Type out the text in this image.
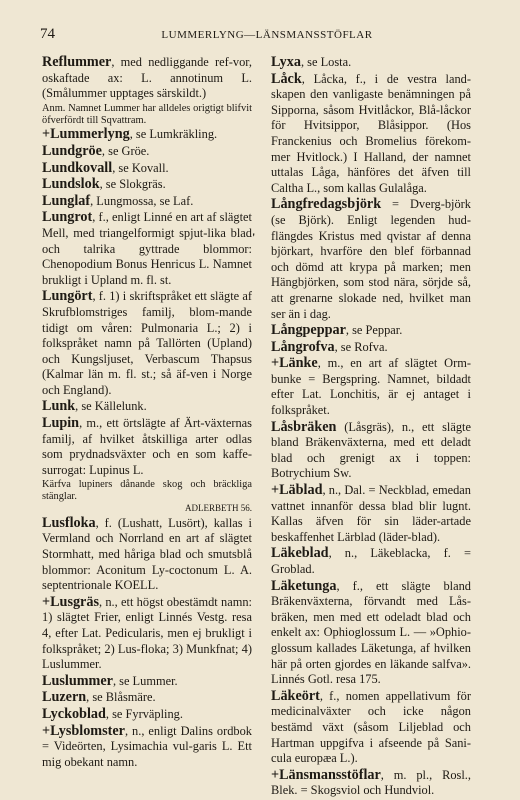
74	LUMMERLYNG—LÄNSMANSSTÖFLAR

Reflummer, med nedliggande ref-vor, oskaftade ax: L. annotinum L. (Smålummer upptages särskildt.)

Anm. Namnet Lummer har alldeles origtigt blifvit öfverfördt till Sqvattram.

+Lummerlyng, se Lumkräkling.

Lundgröe, se Gröe.

Lundkovall, se Kovall.

Lundslok, se Slokgräs.

Lunglaf, Lungmossa, se Laf.

Lungrot, f., enligt Linné en art af slägtet Mell, med triangelformigt spjut-lika blad och talrika gyttrade blommor: Chenopodium Bonus Henricus L. Namnet brukligt i Upland m. fl. st.

Lungört, f. 1) i skriftspråket ett slägte af Skrufblomstriges familj, blom-mande tidigt om våren: Pulmonaria L.; 2) i folkspråket namn på Tallörten (Upland) och Kungsljuset, Verbascum Thapsus (Kalmar län m. fl. st.; så äf-ven i Norge och England).

Lunk, se Källelunk.

Lupin, m., ett örtslägte af Ärt-växternas familj, af hvilket åtskilliga arter odlas som prydnadsväxter och en som kaffe-surrogat: Lupinus L.

Kärfva lupiners dånande skog och bräckliga stänglar.
ADLERBETH 56.

Lusfloka, f. (Lushatt, Lusört), kallas i Vermland och Norrland en art af slägtet Stormhatt, med håriga blad och smutsblå blommor: Aconitum Ly-coctonum L. A. septentrionale KOELL.

+Lusgräs, n., ett högst obestämdt namn: 1) slägtet Frier, enligt Linnés Vestg. resa 4, efter Lat. Pedicularis, men ej brukligt i folkspråket; 2) Lus-floka; 3) Munkfnat; 4) Luslummer.

Luslummer, se Lummer.

Luzern, se Blåsmäre.

Lyckoblad, se Fyrväpling.

+Lysblomster, n., enligt Dalins ordbok = Videörten, Lysimachia vul-garis L. Ett mig obekant namn.

'

Lyxa, se Losta.

Låck, Låcka, f., i de vestra land-skapen den vanligaste benämningen på Sipporna, såsom Hvitlåckor, Blå-låckor för Hvitsippor, Blåsippor. (Hos Franckenius och Bromelius förekom-mer Hvitlock.) I Halland, der namnet uttalas Låga, hänföres det äfven till Caltha L., som kallas Gulalåga.

Långfredagsbjörk = Dverg-björk (se Björk). Enligt legenden hud-flängdes Kristus med qvistar af denna björkart, hvarföre den blef förbannad och dömd att krypa på marken; men Hängbjörken, som stod nära, sörjde så, att grenarne slokade ned, hvilket man ser än i dag.

Långpeppar, se Peppar.

Långrofva, se Rofva.

+Länke, m., en art af slägtet Orm-bunke = Bergspring. Namnet, bildadt efter Lat. Lonchitis, är ej antaget i folkspråket.

Låsbräken (Låsgräs), n., ett slägte bland Bräkenväxterna, med ett deladt blad och grenigt ax i toppen: Botrychium Sw.

+Läblad, n., Dal. = Neckblad, emedan vattnet innanför dessa blad blir lugnt. Kallas äfven för sin läder-artade beskaffenhet Lärblad (läder-blad).

Läkeblad, n., Läkeblacka, f. = Groblad.

Läketunga, f., ett slägte bland Bräkenväxterna, förvandt med Lås-bräken, men med ett odeladt blad och enkelt ax: Ophioglossum L. — »Ophio-glossum kallades Läketunga, af hvilken här på orten gjordes en läkande salfva». Linnés Gotl. resa 175.

Läkeört, f., nomen appellativum för medicinalväxter och icke någon bestämd växt (såsom Liljeblad och Hartman uppgifva i afseende på Sani-cula europæa L.).

+Länsmansstöflar, m. pl., Rosl., Blek. = Skogsviol och Hundviol.
